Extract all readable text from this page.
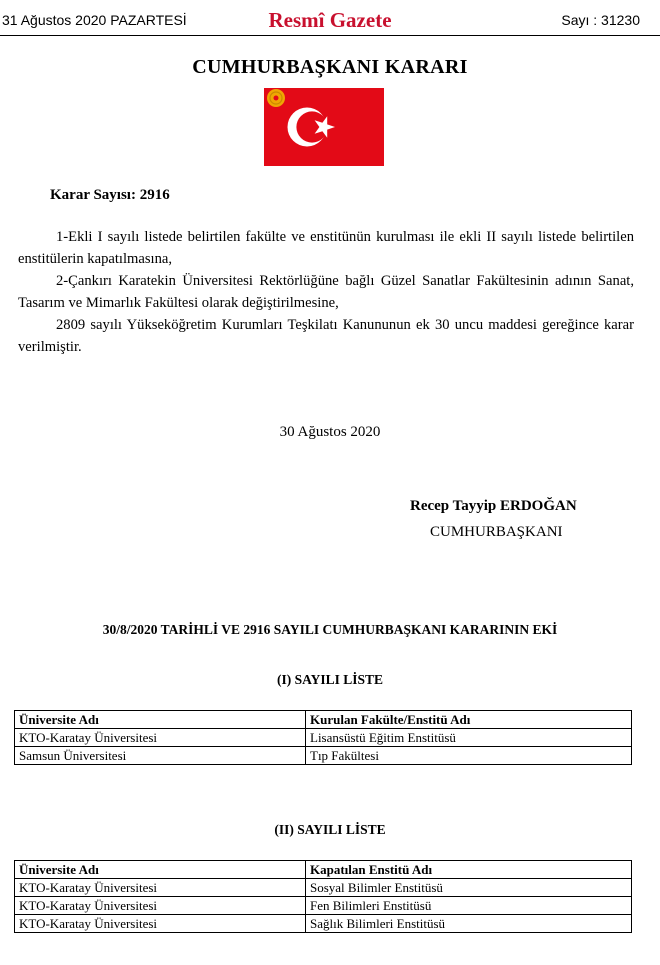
31 Ağustos 2020 PAZARTESİ	Resmî Gazete	Sayı : 31230
CUMHURBAŞKANI KARARI
Karar Sayısı: 2916

1-Ekli I sayılı listede belirtilen fakülte ve enstitünün kurulması ile ekli II sayılı listede belirtilen enstitülerin kapatılmasına,

2-Çankırı Karatekin Üniversitesi Rektörlüğüne bağlı Güzel Sanatlar Fakültesinin adının Sanat, Tasarım ve Mimarlık Fakültesi olarak değiştirilmesine,

2809 sayılı Yükseköğretim Kurumları Teşkilatı Kanununun ek 30 uncu maddesi gereğince karar verilmiştir.

30 Ağustos 2020
Recep Tayyip ERDOĞAN
CUMHURBAŞKANI
30/8/2020 TARİHLİ VE 2916 SAYILI CUMHURBAŞKANI KARARININ EKİ
(I) SAYILI LİSTE
Üniversite Adı	Kurulan Fakülte/Enstitü Adı
KTO-Karatay Üniversitesi	Lisansüstü Eğitim Enstitüsü
Samsun Üniversitesi	Tıp Fakültesi
(II) SAYILI LİSTE
Üniversite Adı	Kapatılan Enstitü Adı
KTO-Karatay Üniversitesi	Sosyal Bilimler Enstitüsü
KTO-Karatay Üniversitesi	Fen Bilimleri Enstitüsü
KTO-Karatay Üniversitesi	Sağlık Bilimleri Enstitüsü
